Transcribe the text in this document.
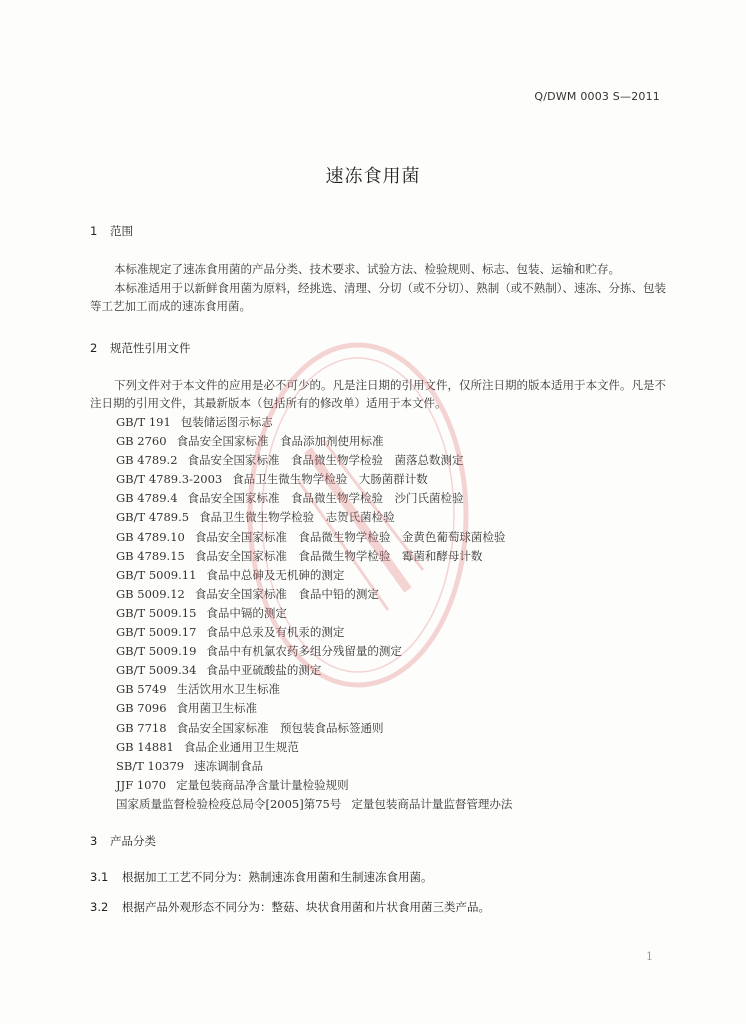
Q/DWM 0003 S—2011
速冻食用菌
1 范围
本标准规定了速冻食用菌的产品分类、技术要求、试验方法、检验规则、标志、包装、运输和贮存。
本标准适用于以新鲜食用菌为原料，经挑选、清理、分切（或不分切）、熟制（或不熟制）、速冻、分拣、包装等工艺加工而成的速冻食用菌。
2 规范性引用文件
下列文件对于本文件的应用是必不可少的。凡是注日期的引用文件，仅所注日期的版本适用于本文件。凡是不注日期的引用文件，其最新版本（包括所有的修改单）适用于本文件。
GB/T 191 包装储运图示标志
GB 2760 食品安全国家标准　食品添加剂使用标准
GB 4789.2 食品安全国家标准　食品微生物学检验　菌落总数测定
GB/T 4789.3-2003 食品卫生微生物学检验　大肠菌群计数
GB 4789.4 食品安全国家标准　食品微生物学检验　沙门氏菌检验
GB/T 4789.5 食品卫生微生物学检验　志贺氏菌检验
GB 4789.10 食品安全国家标准　食品微生物学检验　金黄色葡萄球菌检验
GB 4789.15 食品安全国家标准　食品微生物学检验　霉菌和酵母计数
GB/T 5009.11 食品中总砷及无机砷的测定
GB 5009.12 食品安全国家标准　食品中铅的测定
GB/T 5009.15 食品中镉的测定
GB/T 5009.17 食品中总汞及有机汞的测定
GB/T 5009.19 食品中有机氯农药多组分残留量的测定
GB/T 5009.34 食品中亚硫酸盐的测定
GB 5749 生活饮用水卫生标准
GB 7096 食用菌卫生标准
GB 7718 食品安全国家标准　预包装食品标签通则
GB 14881 食品企业通用卫生规范
SB/T 10379 速冻调制食品
JJF 1070 定量包装商品净含量计量检验规则
国家质量监督检验检疫总局令[2005]第75号 定量包装商品计量监督管理办法
3 产品分类
3.1 根据加工工艺不同分为：熟制速冻食用菌和生制速冻食用菌。
3.2 根据产品外观形态不同分为：整菇、块状食用菌和片状食用菌三类产品。
1
